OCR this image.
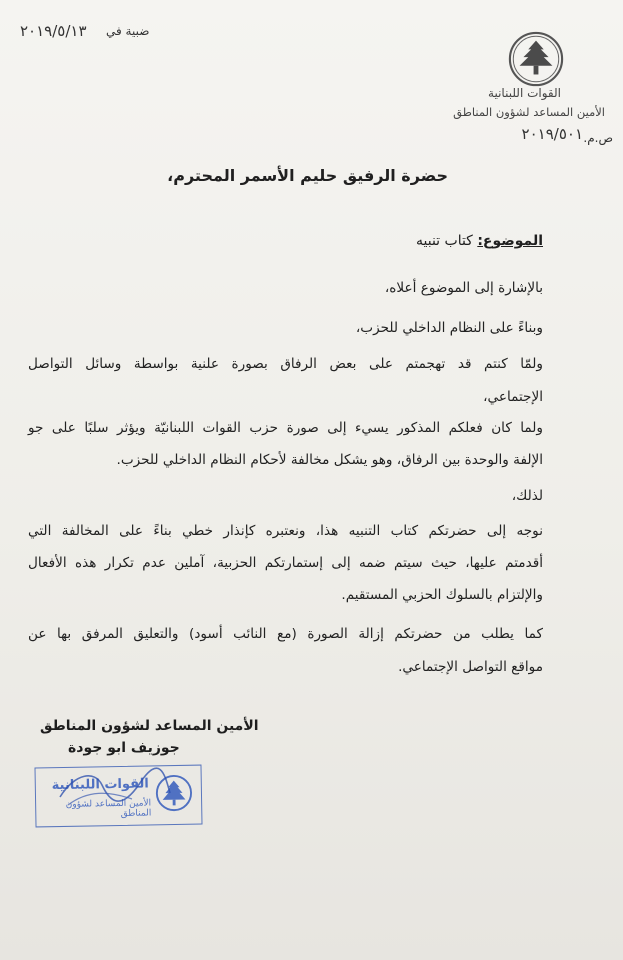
القوات اللبنانية
الأمين المساعد لشؤون المناطق
ص.م.
٢٠١٩/٥٠١
ضبية في
٢٠١٩/٥/١٣
حضرة الرفيق حليم الأسمر المحترم،
الموضوع: كتاب تنبيه
بالإشارة إلى الموضوع أعلاه،
وبناءً على النظام الداخلي للحزب،
ولمّا كنتم قد تهجمتم على بعض الرفاق بصورة علنية بواسطة وسائل التواصل
الإجتماعي،
ولما كان فعلكم المذكور يسيء إلى صورة حزب القوات اللبنانيّة ويؤثر سلبًا على جو
الإلفة والوحدة بين الرفاق، وهو يشكل مخالفة لأحكام النظام الداخلي للحزب.
لذلك،
نوجه إلى حضرتكم كتاب التنبيه هذا، ونعتبره كإنذار خطي بناءً على المخالفة التي
أقدمتم عليها، حيث سيتم ضمه إلى إستمارتكم الحزبية، آملين عدم تكرار هذه الأفعال
والإلتزام بالسلوك الحزبي المستقيم.
كما يطلب من حضرتكم إزالة الصورة (مع النائب أسود) والتعليق المرفق بها عن
مواقع التواصل الإجتماعي.
الأمين المساعد لشؤون المناطق
جوزيف ابو جودة
القوات اللبنانية
الأمين المساعد لشؤون المناطق
